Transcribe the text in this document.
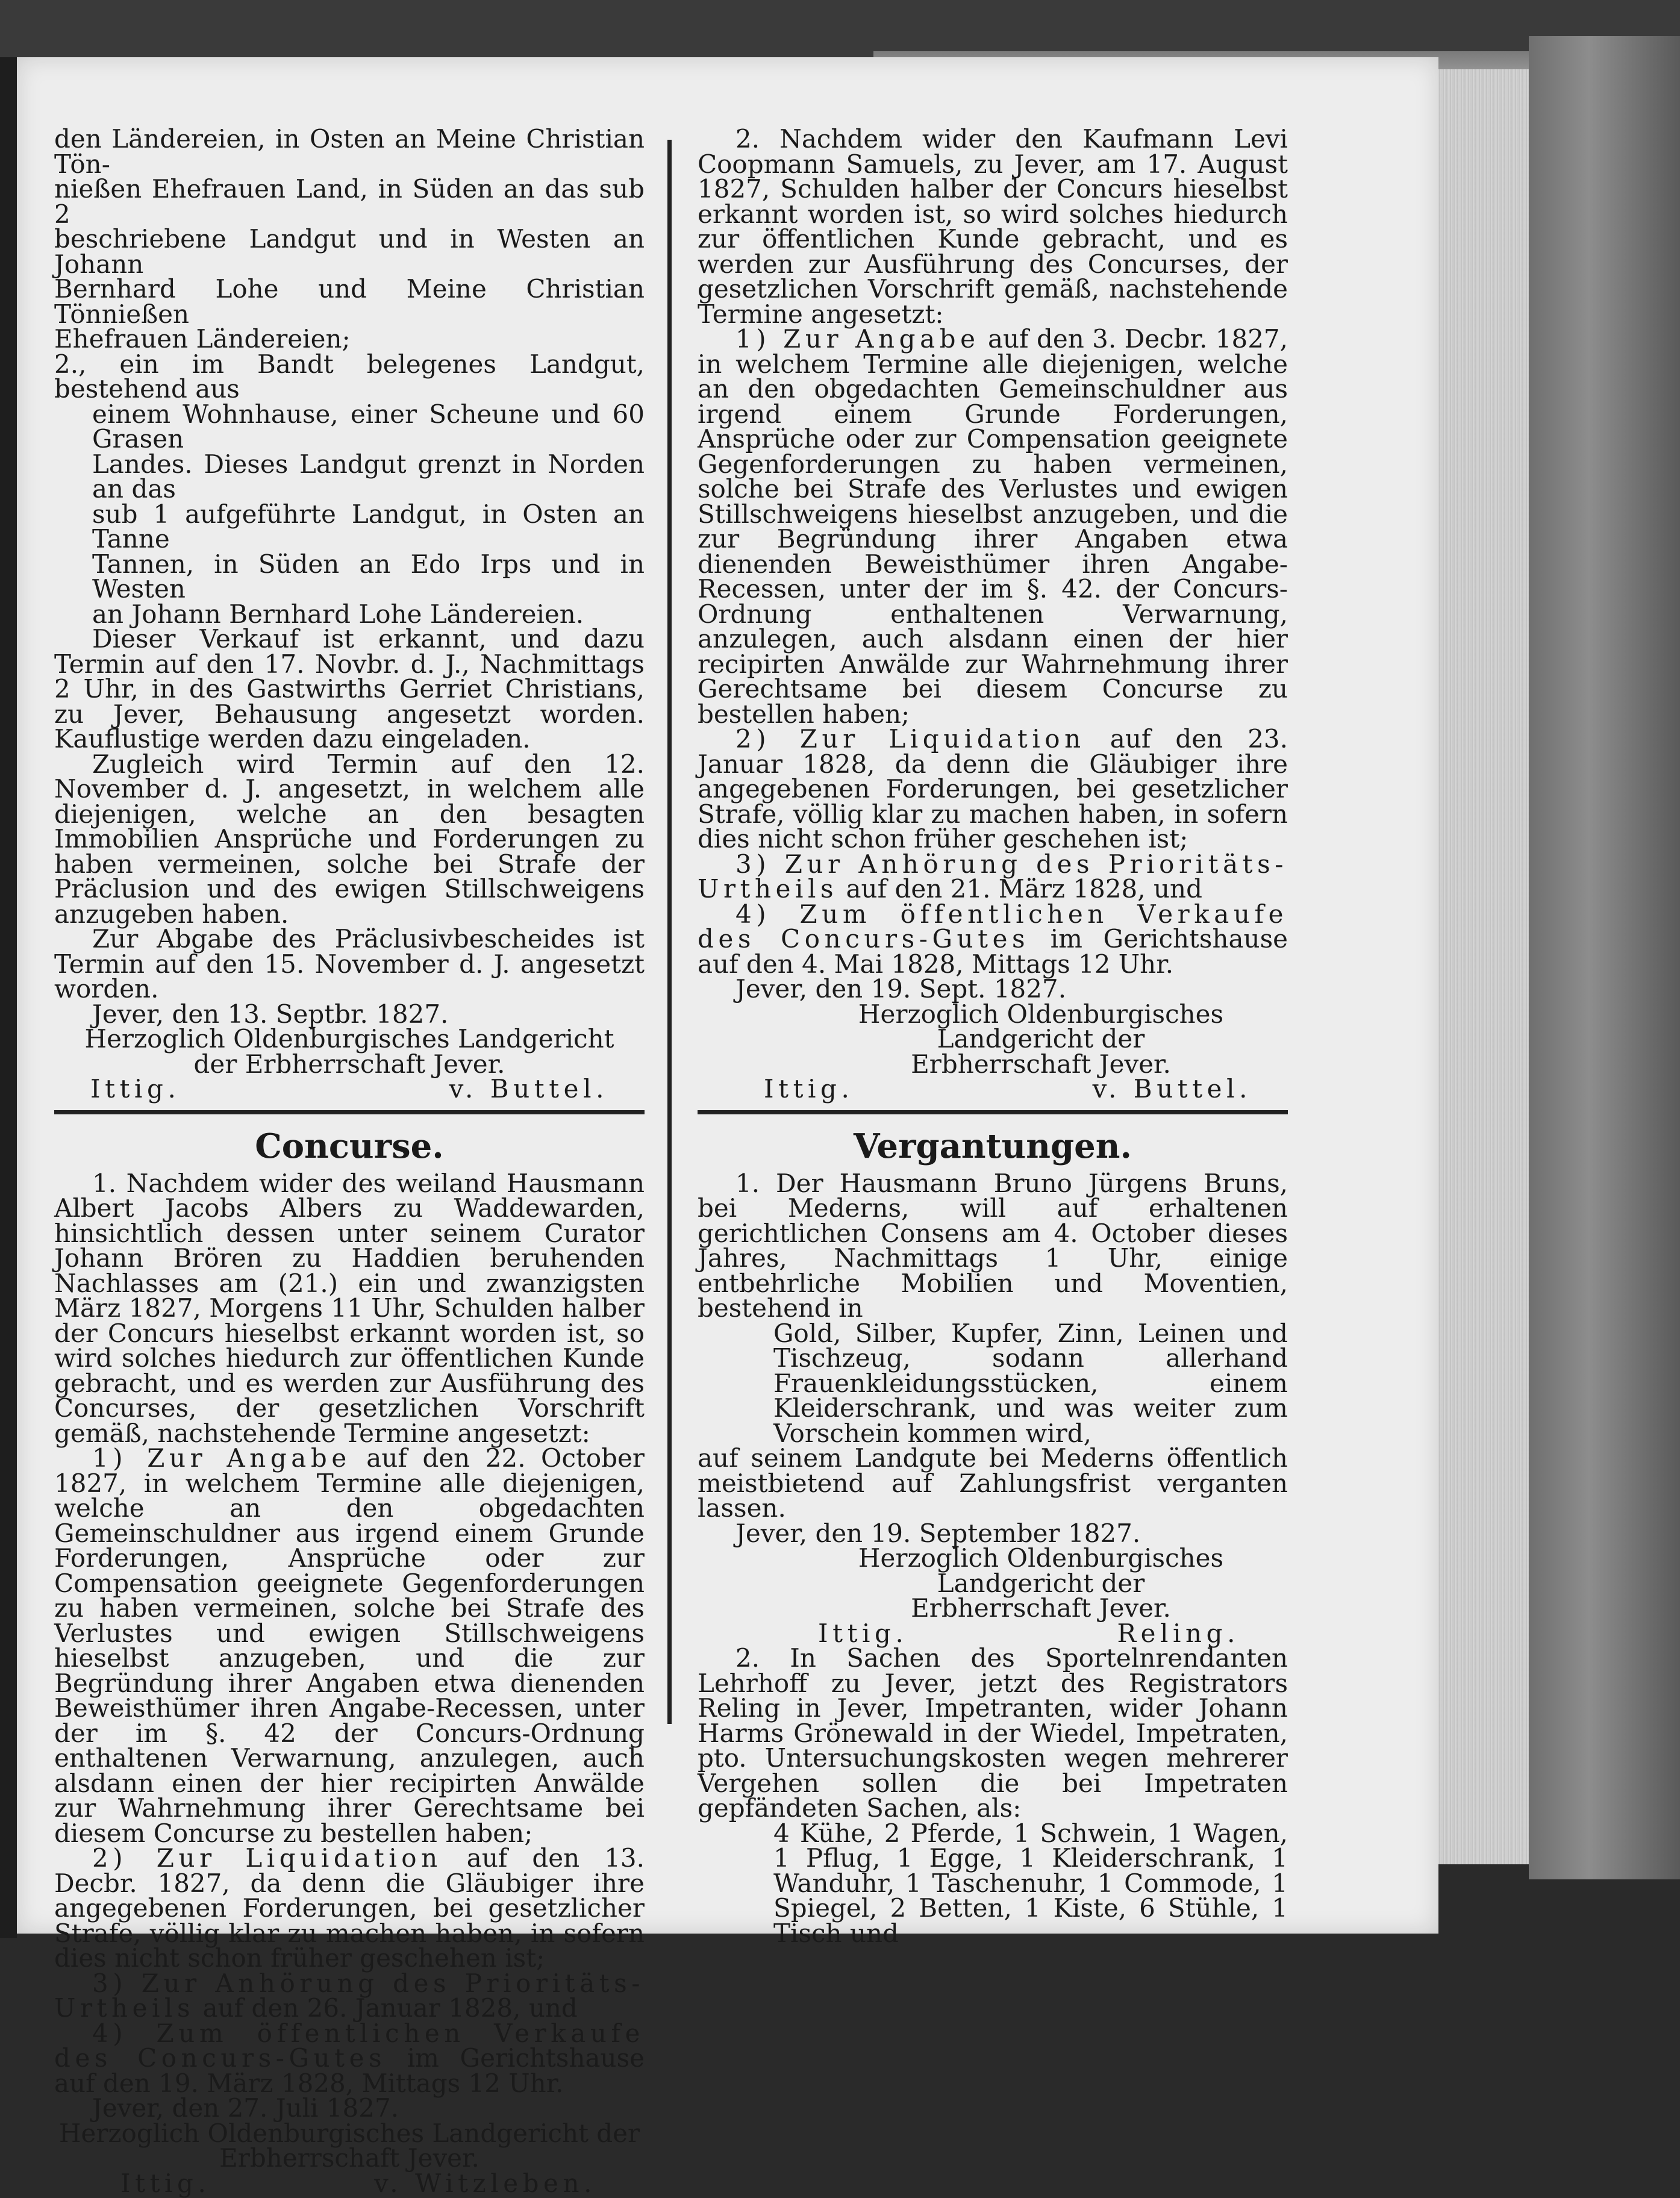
den Ländereien, in Osten an Meine Christian Tön-

nießen Ehefrauen Land, in Süden an das sub 2

beschriebene Landgut und in Westen an Johann

Bernhard Lohe und Meine Christian Tönnießen

Ehefrauen Ländereien;

2., ein im Bandt belegenes Landgut, bestehend aus

einem Wohnhause, einer Scheune und 60 Grasen

Landes. Dieses Landgut grenzt in Norden an das

sub 1 aufgeführte Landgut, in Osten an Tanne

Tannen, in Süden an Edo Irps und in Westen

an Johann Bernhard Lohe Ländereien.

Dieser Verkauf ist erkannt, und dazu Termin auf den 17. Novbr. d. J., Nachmittags 2 Uhr, in des Gastwirths Gerriet Christians, zu Jever, Behausung angesetzt worden. Kauflustige werden dazu eingeladen.

Zugleich wird Termin auf den 12. November d. J. angesetzt, in welchem alle diejenigen, welche an den besagten Immobilien Ansprüche und Forderungen zu haben vermeinen, solche bei Strafe der Präclusion und des ewigen Stillschweigens anzugeben haben.

Zur Abgabe des Präclusivbescheides ist Termin auf den 15. November d. J. angesetzt worden.

Jever, den 13. Septbr. 1827.

Herzoglich Oldenburgisches Landgericht

der Erbherrschaft Jever.

Ittig.	v. Buttel.

Concurse.

1. Nachdem wider des weiland Hausmann Albert Jacobs Albers zu Waddewarden, hinsichtlich dessen unter seinem Curator Johann Brören zu Haddien beruhenden Nachlasses am (21.) ein und zwanzigsten März 1827, Morgens 11 Uhr, Schulden halber der Concurs hieselbst erkannt worden ist, so wird solches hiedurch zur öffentlichen Kunde gebracht, und es werden zur Ausführung des Concurses, der gesetzlichen Vorschrift gemäß, nachstehende Termine angesetzt:

1) Zur Angabe auf den 22. October 1827, in welchem Termine alle diejenigen, welche an den obgedachten Gemeinschuldner aus irgend einem Grunde Forderungen, Ansprüche oder zur Compensation geeignete Gegenforderungen zu haben vermeinen, solche bei Strafe des Verlustes und ewigen Stillschweigens hieselbst anzugeben, und die zur Begründung ihrer Angaben etwa dienenden Beweisthümer ihren Angabe-Recessen, unter der im §. 42 der Concurs-Ordnung enthaltenen Verwarnung, anzulegen, auch alsdann einen der hier recipirten Anwälde zur Wahrnehmung ihrer Gerechtsame bei diesem Concurse zu bestellen haben;

2) Zur Liquidation auf den 13. Decbr. 1827, da denn die Gläubiger ihre angegebenen Forderungen, bei gesetzlicher Strafe, völlig klar zu machen haben, in sofern dies nicht schon früher geschehen ist;

3) Zur Anhörung des Prioritäts-Urtheils auf den 26. Januar 1828, und

4) Zum öffentlichen Verkaufe des Concurs-Gutes im Gerichtshause auf den 19. März 1828, Mittags 12 Uhr.

Jever, den 27. Juli 1827.

Herzoglich Oldenburgisches Landgericht der

Erbherrschaft Jever.

Ittig.	v. Witzleben.

2. Nachdem wider den Kaufmann Levi Coopmann Samuels, zu Jever, am 17. August 1827, Schulden halber der Concurs hieselbst erkannt worden ist, so wird solches hiedurch zur öffentlichen Kunde gebracht, und es werden zur Ausführung des Concurses, der gesetzlichen Vorschrift gemäß, nachstehende Termine angesetzt:

1) Zur Angabe auf den 3. Decbr. 1827, in welchem Termine alle diejenigen, welche an den obgedachten Gemeinschuldner aus irgend einem Grunde Forderungen, Ansprüche oder zur Compensation geeignete Gegenforderungen zu haben vermeinen, solche bei Strafe des Verlustes und ewigen Stillschweigens hieselbst anzugeben, und die zur Begründung ihrer Angaben etwa dienenden Beweisthümer ihren Angabe-Recessen, unter der im §. 42. der Concurs-Ordnung enthaltenen Verwarnung, anzulegen, auch alsdann einen der hier recipirten Anwälde zur Wahrnehmung ihrer Gerechtsame bei diesem Concurse zu bestellen haben;

2) Zur Liquidation auf den 23. Januar 1828, da denn die Gläubiger ihre angegebenen Forderungen, bei gesetzlicher Strafe, völlig klar zu machen haben, in sofern dies nicht schon früher geschehen ist;

3) Zur Anhörung des Prioritäts-Urtheils auf den 21. März 1828, und

4) Zum öffentlichen Verkaufe des Concurs-Gutes im Gerichtshause auf den 4. Mai 1828, Mittags 12 Uhr.

Jever, den 19. Sept. 1827.

Herzoglich Oldenburgisches Landgericht der

Erbherrschaft Jever.

Ittig.	v. Buttel.

Vergantungen.

1. Der Hausmann Bruno Jürgens Bruns, bei Mederns, will auf erhaltenen gerichtlichen Consens am 4. October dieses Jahres, Nachmittags 1 Uhr, einige entbehrliche Mobilien und Moventien, bestehend in

Gold, Silber, Kupfer, Zinn, Leinen und Tischzeug, sodann allerhand Frauenkleidungsstücken, einem Kleiderschrank, und was weiter zum Vorschein kommen wird,

auf seinem Landgute bei Mederns öffentlich meistbietend auf Zahlungsfrist verganten lassen.

Jever, den 19. September 1827.

Herzoglich Oldenburgisches Landgericht der

Erbherrschaft Jever.

Ittig.	Reling.

2. In Sachen des Sportelnrendanten Lehrhoff zu Jever, jetzt des Registrators Reling in Jever, Impetranten, wider Johann Harms Grönewald in der Wiedel, Impetraten, pto. Untersuchungskosten wegen mehrerer Vergehen sollen die bei Impetraten gepfändeten Sachen, als:

4 Kühe, 2 Pferde, 1 Schwein, 1 Wagen, 1 Pflug, 1 Egge, 1 Kleiderschrank, 1 Wanduhr, 1 Taschenuhr, 1 Commode, 1 Spiegel, 2 Betten, 1 Kiste, 6 Stühle, 1 Tisch und
